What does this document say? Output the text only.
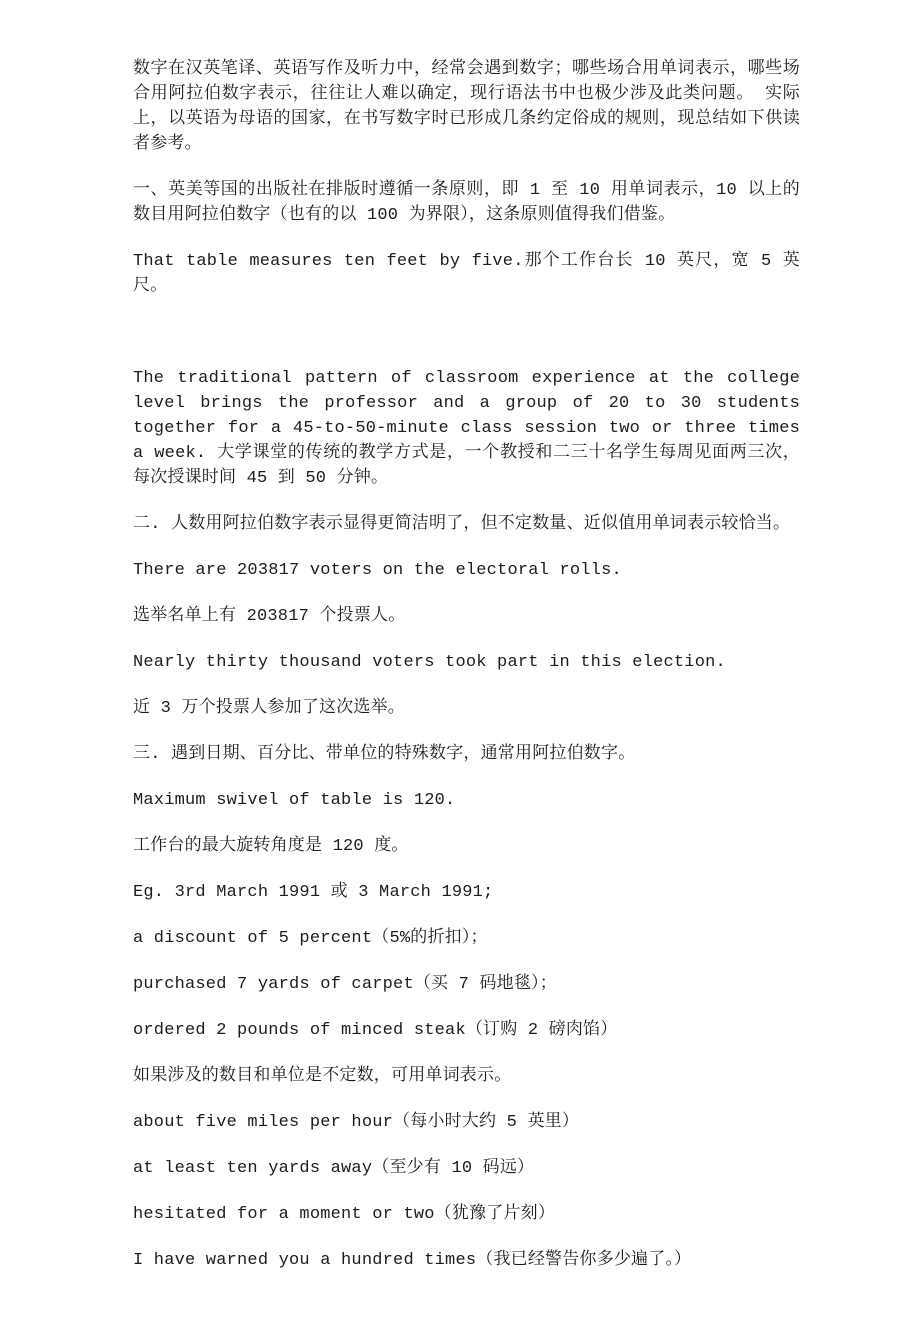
数字在汉英笔译、英语写作及听力中，经常会遇到数字；哪些场合用单词表示，哪些场合用阿拉伯数字表示，往往让人难以确定，现行语法书中也极少涉及此类问题。 实际上，以英语为母语的国家，在书写数字时已形成几条约定俗成的规则，现总结如下供读者参考。

一、英美等国的出版社在排版时遵循一条原则，即 1 至 10 用单词表示，10 以上的数目用阿拉伯数字（也有的以 100 为界限），这条原则值得我们借鉴。

That table measures ten feet by five.那个工作台长 10 英尺，宽 5 英尺。

The traditional pattern of classroom experience at the college level brings the professor and a group of 20 to 30 students together for a 45-to-50-minute class session two or three times a week. 大学课堂的传统的教学方式是，一个教授和二三十名学生每周见面两三次，每次授课时间 45 到 50 分钟。

二. 人数用阿拉伯数字表示显得更简洁明了，但不定数量、近似值用单词表示较恰当。

There are 203817 voters on the electoral rolls.

选举名单上有 203817 个投票人。

Nearly thirty thousand voters took part in this election.

近 3 万个投票人参加了这次选举。

三. 遇到日期、百分比、带单位的特殊数字，通常用阿拉伯数字。

Maximum swivel of table is 120.

工作台的最大旋转角度是 120 度。

Eg. 3rd March 1991 或 3 March 1991;

a discount of 5 percent（5%的折扣）；

purchased 7 yards of carpet（买 7 码地毯）；

ordered 2 pounds of minced steak（订购 2 磅肉馅）

如果涉及的数目和单位是不定数，可用单词表示。

about five miles per hour（每小时大约 5 英里）

at least ten yards away（至少有 10 码远）

hesitated for a moment or two（犹豫了片刻）

I have warned you a hundred times（我已经警告你多少遍了。）
